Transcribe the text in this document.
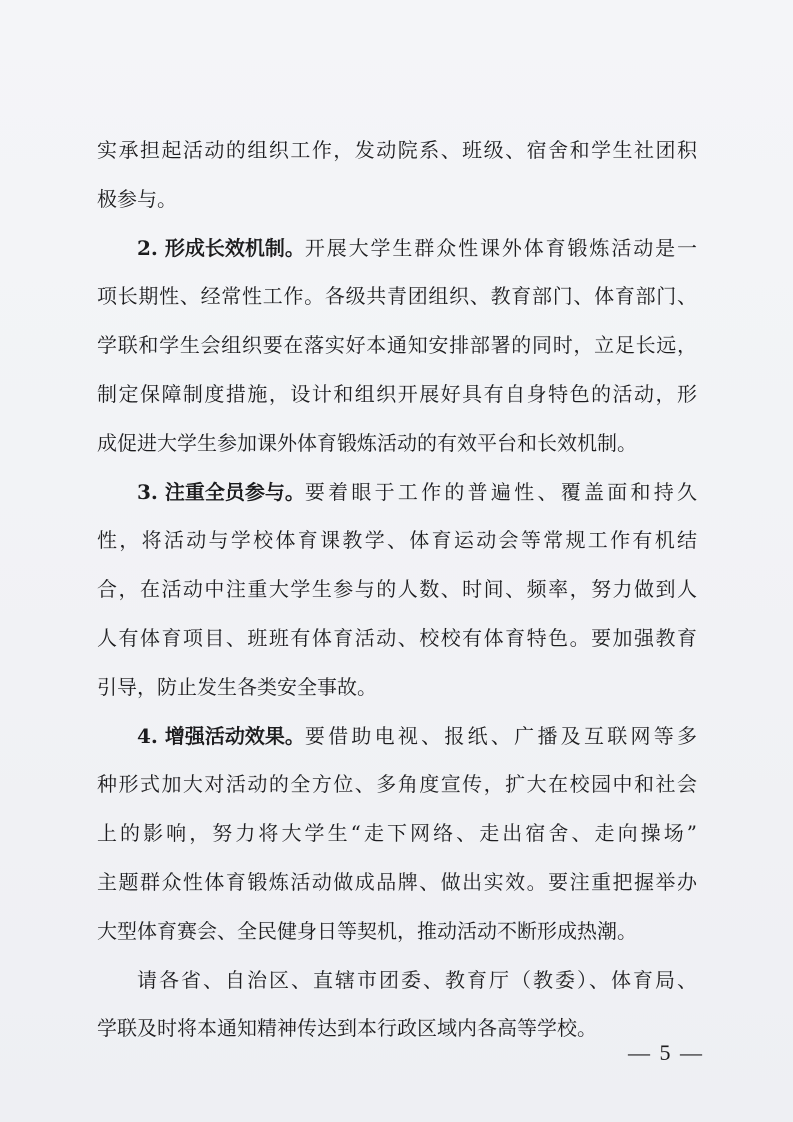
实承担起活动的组织工作，发动院系、班级、宿舍和学生社团积
极参与。
2. 形成长效机制。 开展大学生群众性课外体育锻炼活动是一
项长期性、经常性工作。各级共青团组织、教育部门、体育部门、
学联和学生会组织要在落实好本通知安排部署的同时，立足长远，
制定保障制度措施，设计和组织开展好具有自身特色的活动，形
成促进大学生参加课外体育锻炼活动的有效平台和长效机制。
3. 注重全员参与。 要着眼于工作的普遍性、覆盖面和持久
性，将活动与学校体育课教学、体育运动会等常规工作有机结
合，在活动中注重大学生参与的人数、时间、频率，努力做到人
人有体育项目、班班有体育活动、校校有体育特色。要加强教育
引导，防止发生各类安全事故。
4. 增强活动效果。 要借助电视、报纸、广播及互联网等多
种形式加大对活动的全方位、多角度宣传，扩大在校园中和社会
上的影响，努力将大学生“走下网络、走出宿舍、走向操场”
主题群众性体育锻炼活动做成品牌、做出实效。要注重把握举办
大型体育赛会、全民健身日等契机，推动活动不断形成热潮。
请各省、自治区、直辖市团委、教育厅（教委）、体育局、
学联及时将本通知精神传达到本行政区域内各高等学校。
— 5 —
